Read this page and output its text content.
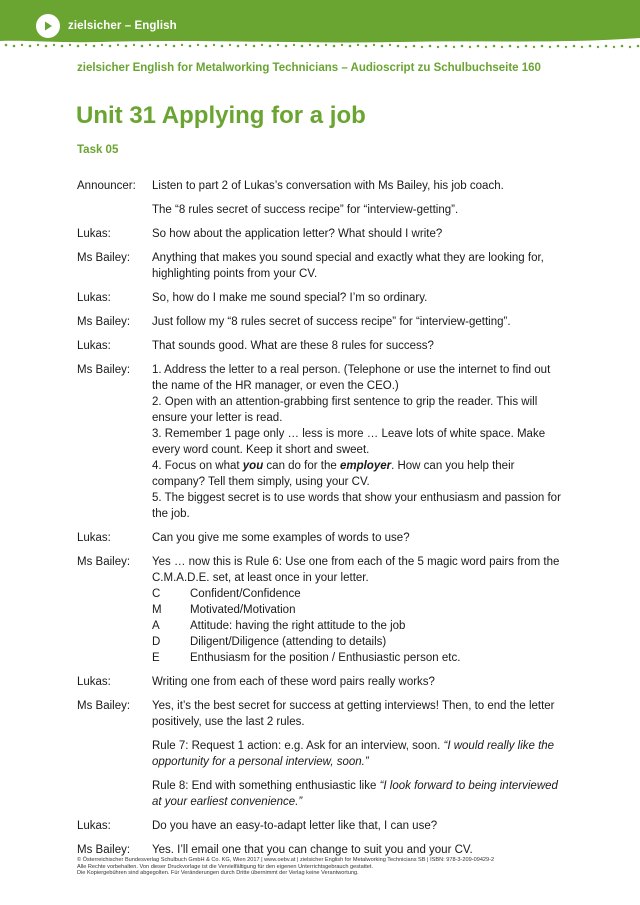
zielsicher – English
zielsicher English for Metalworking Technicians – Audioscript zu Schulbuchseite 160
Unit 31 Applying for a job
Task 05
Announcer:	Listen to part 2 of Lukas’s conversation with Ms Bailey, his job coach.
The “8 rules secret of success recipe” for “interview-getting”.
Lukas:	So how about the application letter? What should I write?
Ms Bailey:	Anything that makes you sound special and exactly what they are looking for, highlighting points from your CV.
Lukas:	So, how do I make me sound special? I’m so ordinary.
Ms Bailey:	Just follow my “8 rules secret of success recipe” for “interview-getting”.
Lukas:	That sounds good. What are these 8 rules for success?
Ms Bailey:	1. Address the letter to a real person. (Telephone or use the internet to find out the name of the HR manager, or even the CEO.)
2. Open with an attention-grabbing first sentence to grip the reader. This will ensure your letter is read.
3. Remember 1 page only … less is more … Leave lots of white space. Make every word count. Keep it short and sweet.
4. Focus on what you can do for the employer. How can you help their company? Tell them simply, using your CV.
5. The biggest secret is to use words that show your enthusiasm and passion for the job.
Lukas:	Can you give me some examples of words to use?
Ms Bailey:	Yes … now this is Rule 6: Use one from each of the 5 magic word pairs from the C.M.A.D.E. set, at least once in your letter.
C	Confident/Confidence
M	Motivated/Motivation
A	Attitude: having the right attitude to the job
D	Diligent/Diligence (attending to details)
E	Enthusiasm for the position / Enthusiastic person etc.
Lukas:	Writing one from each of these word pairs really works?
Ms Bailey:	Yes, it’s the best secret for success at getting interviews! Then, to end the letter positively, use the last 2 rules.
Rule 7: Request 1 action: e.g. Ask for an interview, soon. “I would really like the opportunity for a personal interview, soon.”
Rule 8: End with something enthusiastic like “I look forward to being interviewed at your earliest convenience.”
Lukas:	Do you have an easy-to-adapt letter like that, I can use?
Ms Bailey:	Yes. I’ll email one that you can change to suit you and your CV.
© Österreichischer Bundesverlag Schulbuch GmbH & Co. KG, Wien 2017 | www.oebv.at | zielsicher English for Metalworking Technicians SB | ISBN: 978-3-209-09429-2
Alle Rechte vorbehalten. Von dieser Druckvorlage ist die Vervielfältigung für den eigenen Unterrichtsgebrauch gestattet.
Die Kopiergebühren sind abgegolten. Für Veränderungen durch Dritte übernimmt der Verlag keine Verantwortung.
